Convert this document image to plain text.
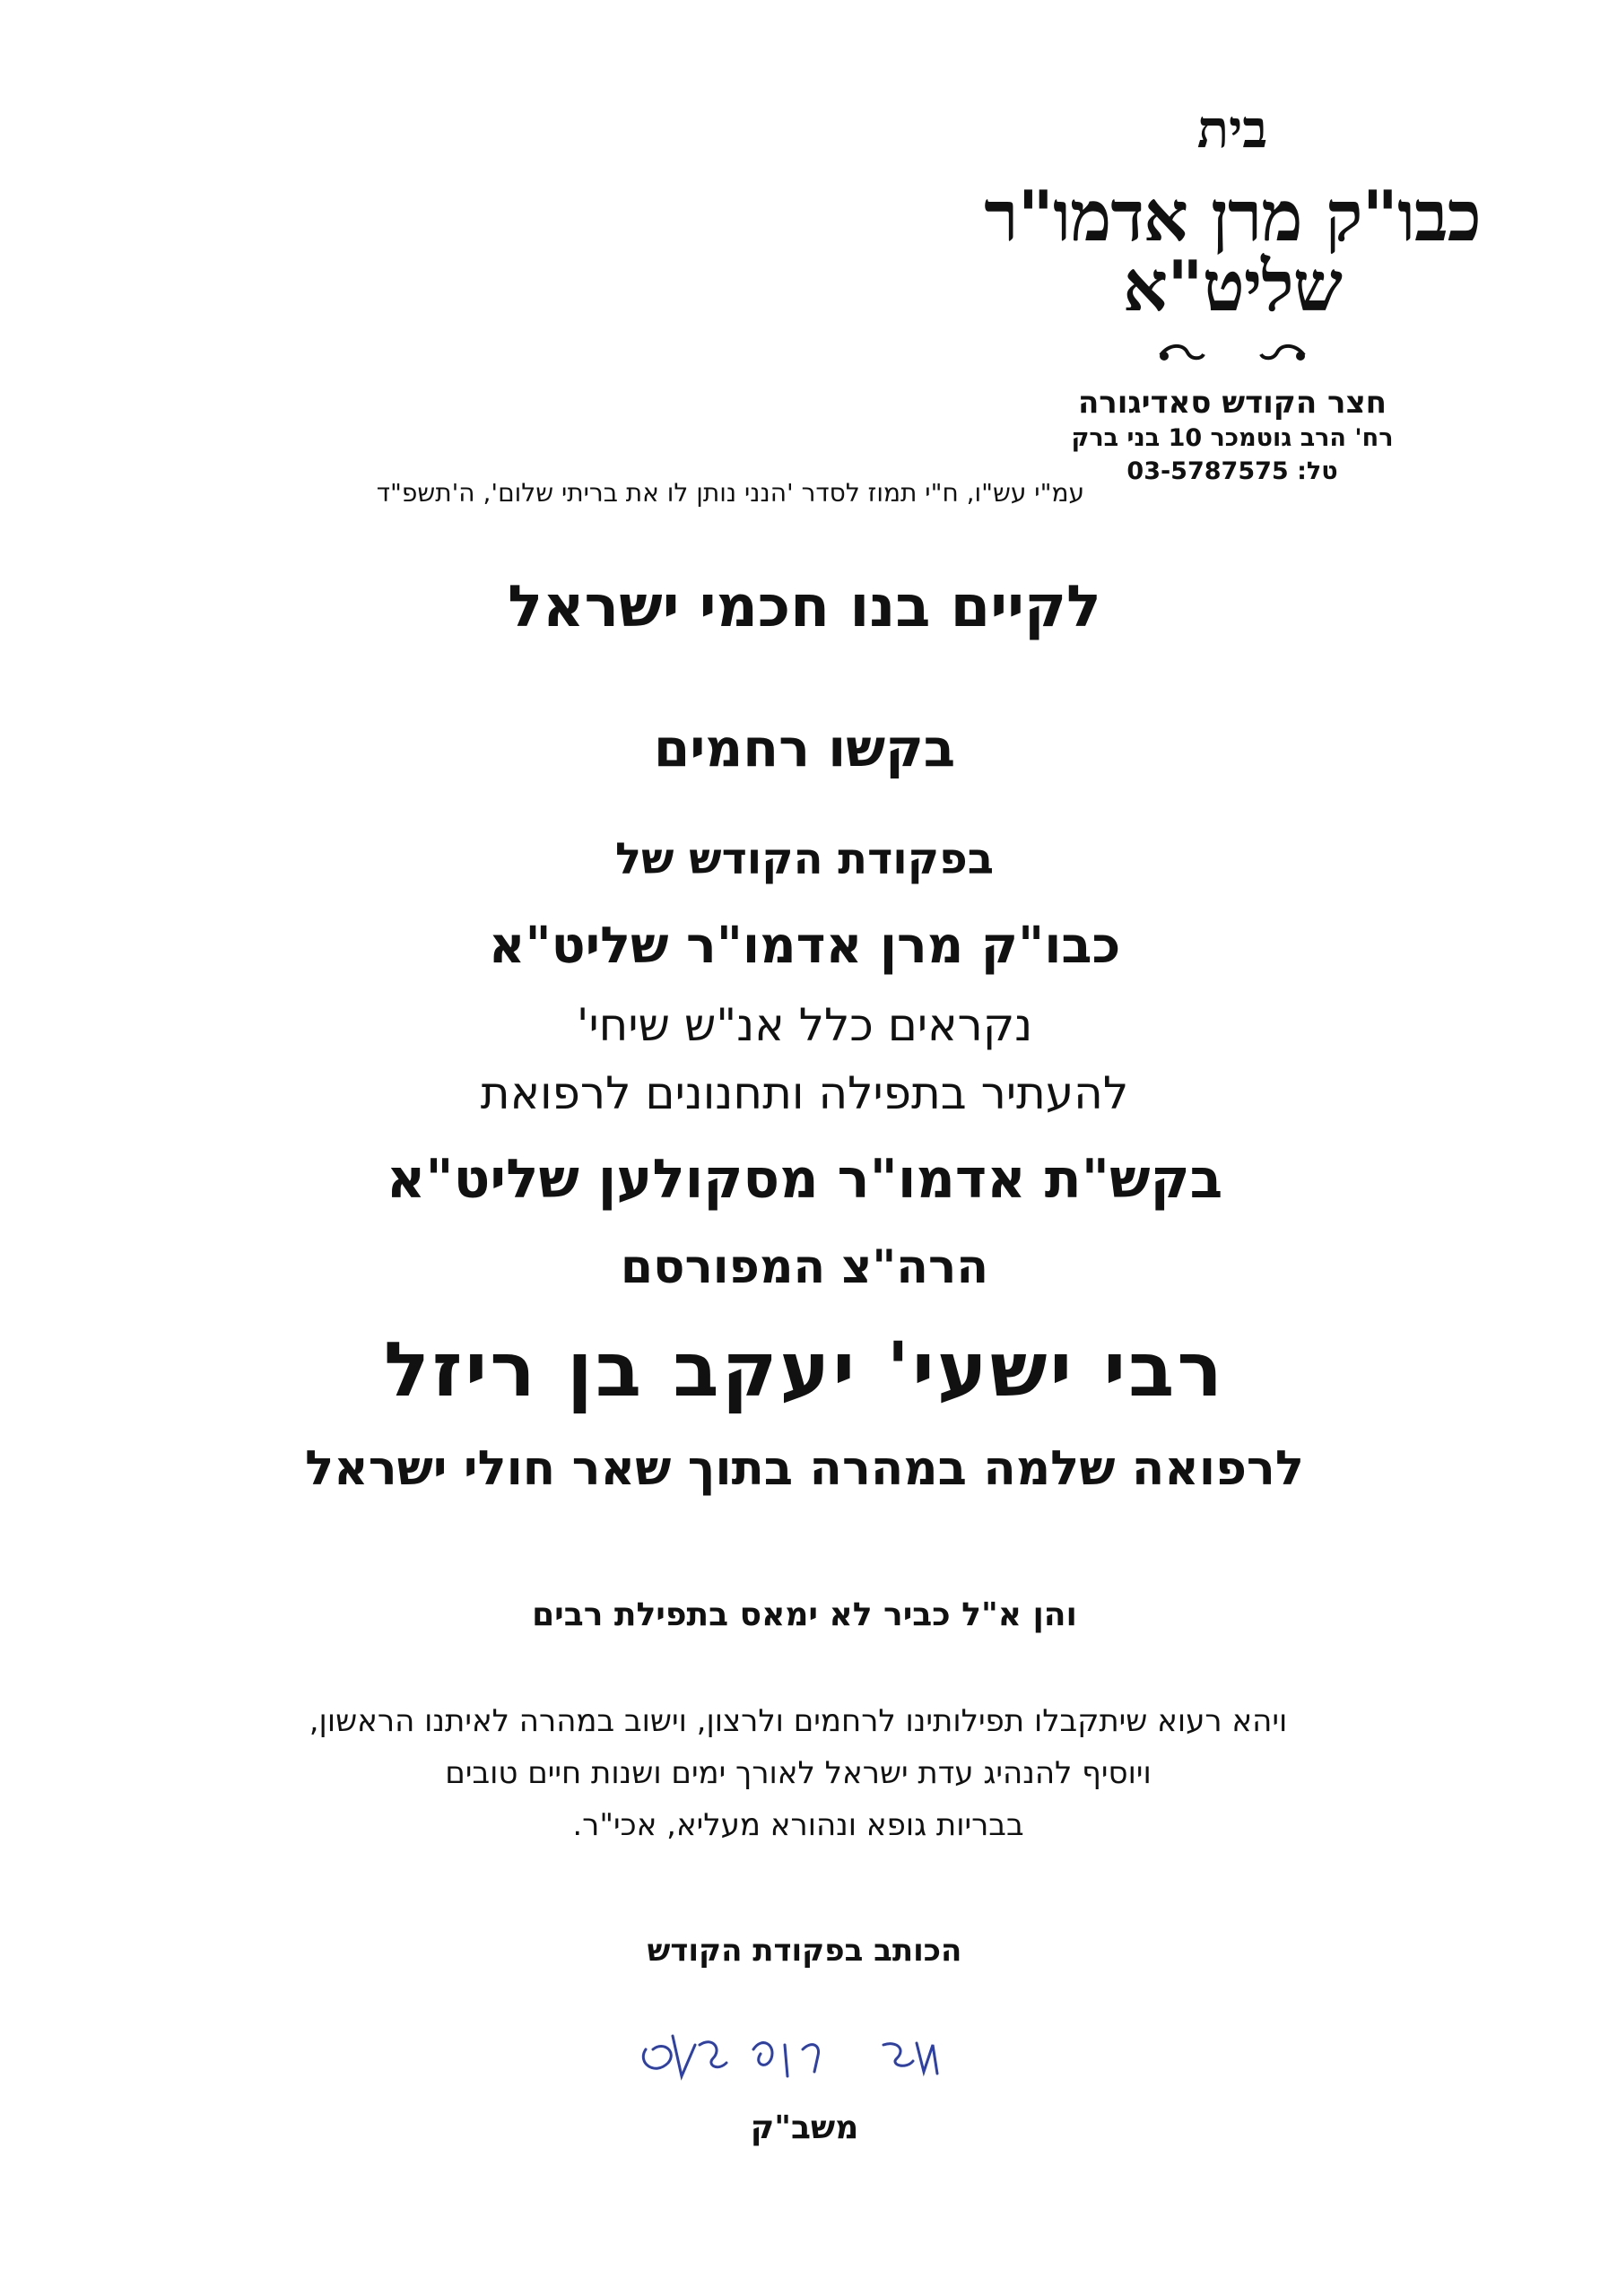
בית
כבו"ק מרן אדמו"ר שליט"א
חצר הקודש סאדיגורה
רח' הרב גוטמכר 10 בני ברק
טל: 03-5787575
עמ"י עש"ו, ח"י תמוז לסדר 'הנני נותן לו את בריתי שלום', ה'תשפ"ד
לקיים בנו חכמי ישראל
בקשו רחמים
בפקודת הקודש של
כבו"ק מרן אדמו"ר שליט"א
נקראים כלל אנ"ש שיחי'
להעתיר בתפילה ותחנונים לרפואת
בקש"ת אדמו"ר מסקולען שליט"א
הרה"צ המפורסם
רבי ישעי' יעקב בן ריזל
לרפואה שלמה במהרה בתוך שאר חולי ישראל
והן א"ל כביר לא ימאס בתפילת רבים
ויהא רעוא שיתקבלו תפילותינו לרחמים ולרצון, וישוב במהרה לאיתנו הראשון,
ויוסיף להנהיג עדת ישראל לאורך ימים ושנות חיים טובים
בבריות גופא ונהורא מעליא, אכי"ר.
הכותב בפקודת הקודש
משב"ק
